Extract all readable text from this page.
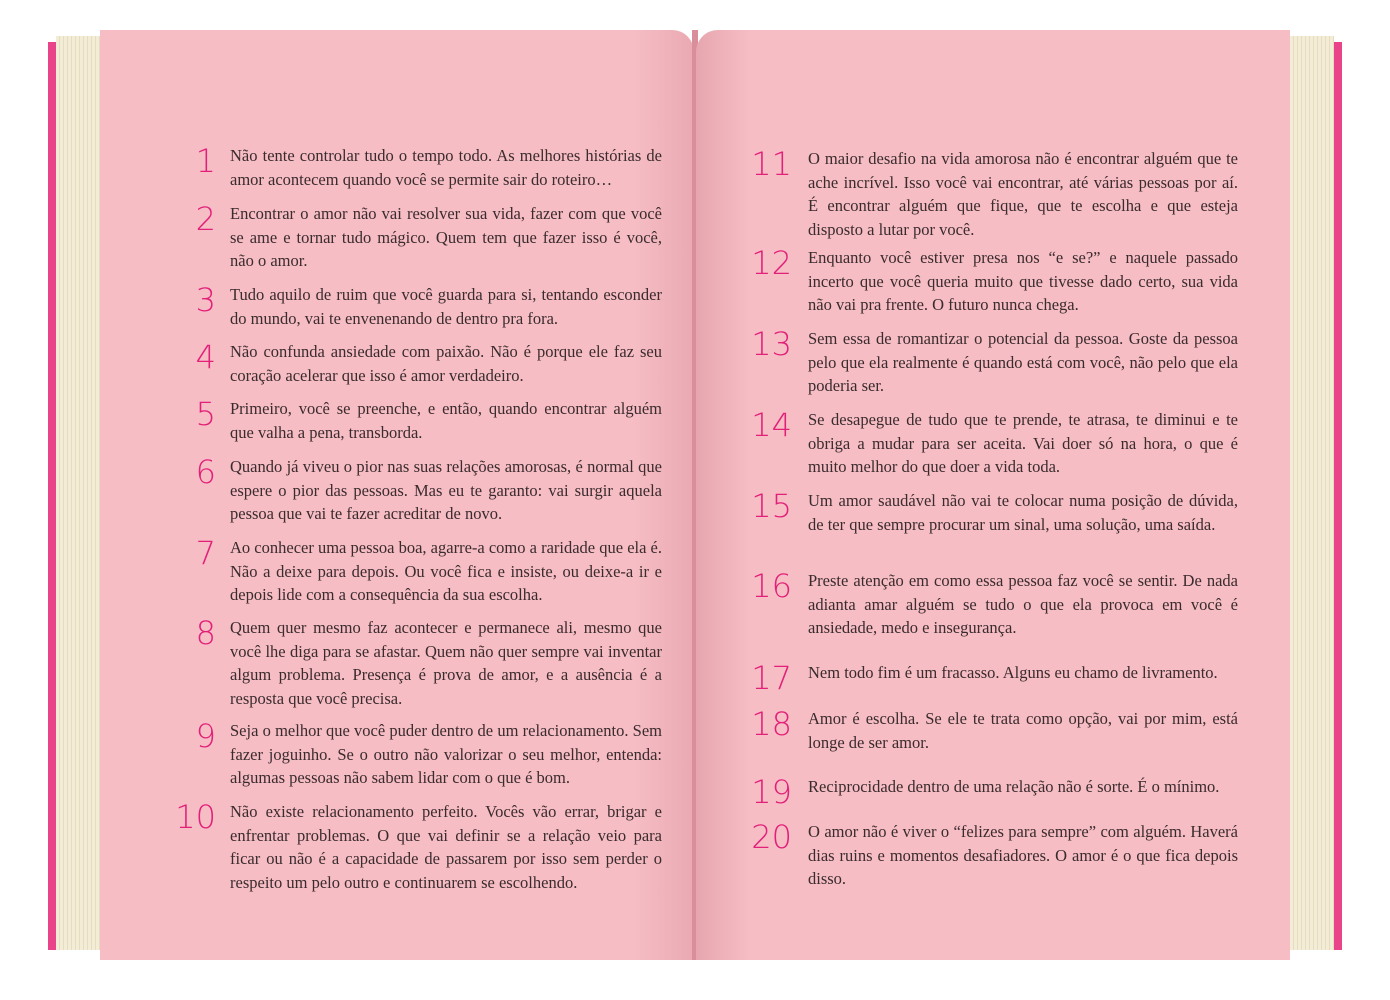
1 Não tente controlar tudo o tempo todo. As melhores histórias de amor acontecem quando você se permite sair do roteiro…
2 Encontrar o amor não vai resolver sua vida, fazer com que você se ame e tornar tudo mágico. Quem tem que fazer isso é você, não o amor.
3 Tudo aquilo de ruim que você guarda para si, tentando esconder do mundo, vai te envenenando de dentro pra fora.
4 Não confunda ansiedade com paixão. Não é porque ele faz seu coração acelerar que isso é amor verdadeiro.
5 Primeiro, você se preenche, e então, quando encontrar alguém que valha a pena, transborda.
6 Quando já viveu o pior nas suas relações amorosas, é normal que espere o pior das pessoas. Mas eu te garanto: vai surgir aquela pessoa que vai te fazer acreditar de novo.
7 Ao conhecer uma pessoa boa, agarre-a como a raridade que ela é. Não a deixe para depois. Ou você fica e insiste, ou deixe-a ir e depois lide com a consequência da sua escolha.
8 Quem quer mesmo faz acontecer e permanece ali, mesmo que você lhe diga para se afastar. Quem não quer sempre vai inventar algum problema. Presença é prova de amor, e a ausência é a resposta que você precisa.
9 Seja o melhor que você puder dentro de um relacionamento. Sem fazer joguinho. Se o outro não valorizar o seu melhor, entenda: algumas pessoas não sabem lidar com o que é bom.
10 Não existe relacionamento perfeito. Vocês vão errar, brigar e enfrentar problemas. O que vai definir se a relação veio para ficar ou não é a capacidade de passarem por isso sem perder o respeito um pelo outro e continuarem se escolhendo.
11 O maior desafio na vida amorosa não é encontrar alguém que te ache incrível. Isso você vai encontrar, até várias pessoas por aí. É encontrar alguém que fique, que te escolha e que esteja disposto a lutar por você.
12 Enquanto você estiver presa nos “e se?” e naquele passado incerto que você queria muito que tivesse dado certo, sua vida não vai pra frente. O futuro nunca chega.
13 Sem essa de romantizar o potencial da pessoa. Goste da pessoa pelo que ela realmente é quando está com você, não pelo que ela poderia ser.
14 Se desapegue de tudo que te prende, te atrasa, te diminui e te obriga a mudar para ser aceita. Vai doer só na hora, o que é muito melhor do que doer a vida toda.
15 Um amor saudável não vai te colocar numa posição de dúvida, de ter que sempre procurar um sinal, uma solução, uma saída.
16 Preste atenção em como essa pessoa faz você se sentir. De nada adianta amar alguém se tudo o que ela provoca em você é ansiedade, medo e insegurança.
17 Nem todo fim é um fracasso. Alguns eu chamo de livramento.
18 Amor é escolha. Se ele te trata como opção, vai por mim, está longe de ser amor.
19 Reciprocidade dentro de uma relação não é sorte. É o mínimo.
20 O amor não é viver o “felizes para sempre” com alguém. Haverá dias ruins e momentos desafiadores. O amor é o que fica depois disso.
